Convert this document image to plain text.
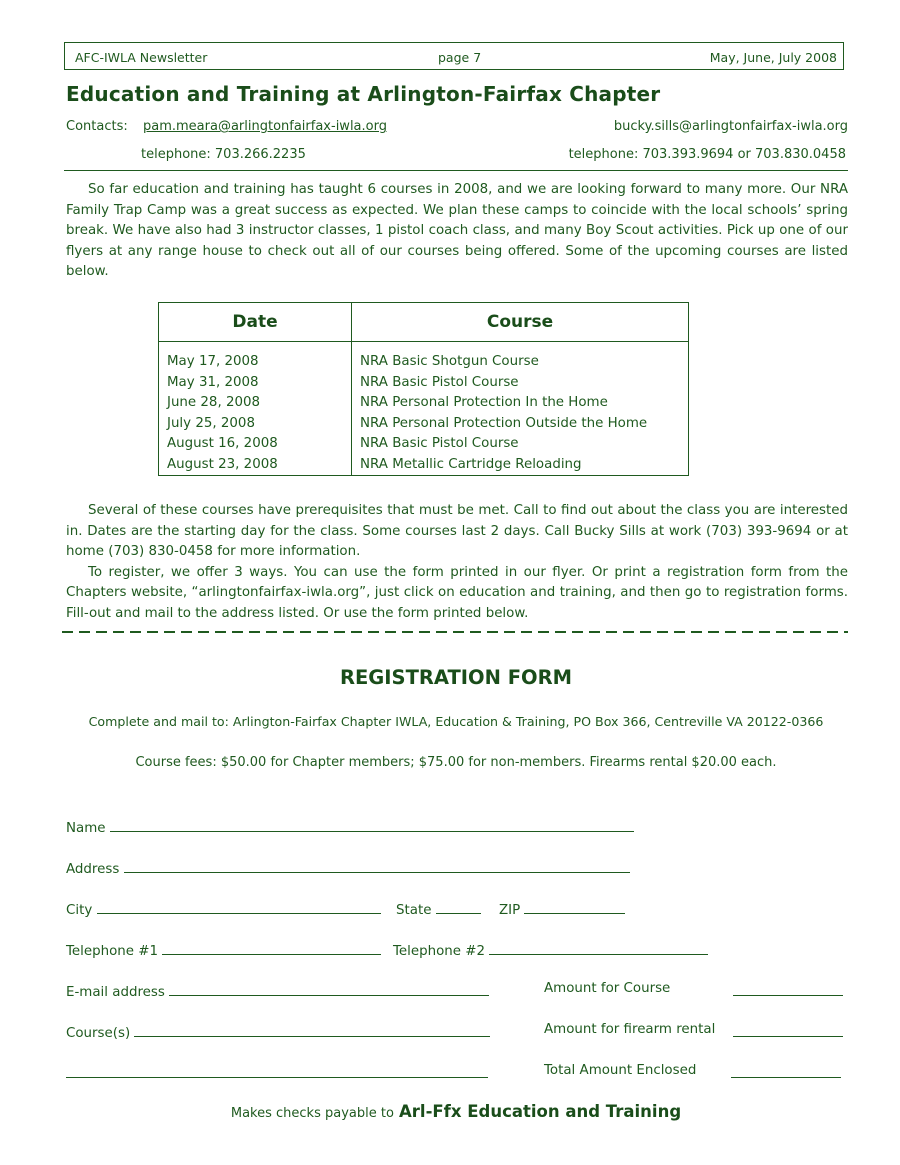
AFC-IWLA Newsletter	page 7	May, June, July 2008
Education and Training at Arlington-Fairfax Chapter
Contacts: pam.meara@arlingtonfairfax-iwla.org	bucky.sills@arlingtonfairfax-iwla.org
telephone: 703.266.2235	telephone: 703.393.9694 or 703.830.0458

So far education and training has taught 6 courses in 2008, and we are looking forward to many more. Our NRA Family Trap Camp was a great success as expected. We plan these camps to coincide with the local schools’ spring break. We have also had 3 instructor classes, 1 pistol coach class, and many Boy Scout activities. Pick up one of our flyers at any range house to check out all of our courses being offered. Some of the upcoming courses are listed below.

Date	Course
May 17, 2008	NRA Basic Shotgun Course
May 31, 2008	NRA Basic Pistol Course
June 28, 2008	NRA Personal Protection In the Home
July 25, 2008	NRA Personal Protection Outside the Home
August 16, 2008	NRA Basic Pistol Course
August 23, 2008	NRA Metallic Cartridge Reloading

Several of these courses have prerequisites that must be met. Call to find out about the class you are interested in. Dates are the starting day for the class. Some courses last 2 days. Call Bucky Sills at work (703) 393-9694 or at home (703) 830-0458 for more information.

To register, we offer 3 ways. You can use the form printed in our flyer. Or print a registration form from the Chapters website, “arlingtonfairfax-iwla.org”, just click on education and training, and then go to registration forms. Fill-out and mail to the address listed. Or use the form printed below.

REGISTRATION FORM
Complete and mail to: Arlington-Fairfax Chapter IWLA, Education & Training, PO Box 366, Centreville VA 20122-0366
Course fees: $50.00 for Chapter members; $75.00 for non-members. Firearms rental $20.00 each.
Name
Address
City	State	ZIP
Telephone #1	Telephone #2
E-mail address	Amount for Course
Course(s)	Amount for firearm rental
Total Amount Enclosed
Makes checks payable to Arl-Ffx Education and Training
